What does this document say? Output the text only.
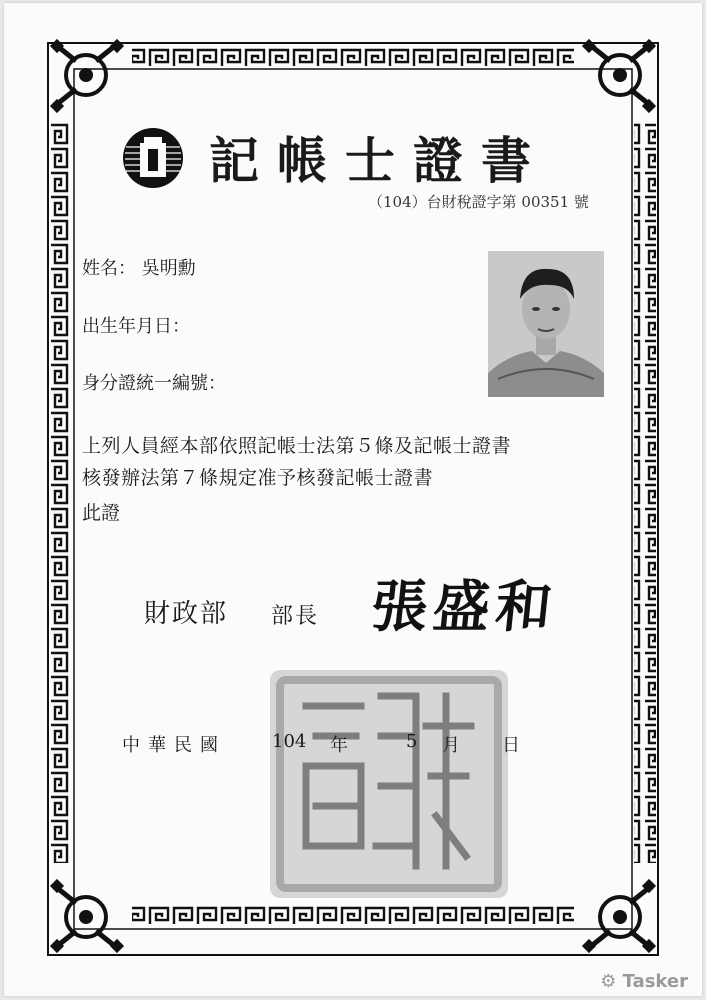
記帳士證書
（104）台財稅證字第 00351 號
姓名： 吳明勳
出生年月日：
身分證統一編號：
上列人員經本部依照記帳士法第５條及記帳士證書
核發辦法第７條規定准予核發記帳士證書
此證
財政部 部長 張盛和
中華民國	104 年	5 月 日
⚙ Tasker
